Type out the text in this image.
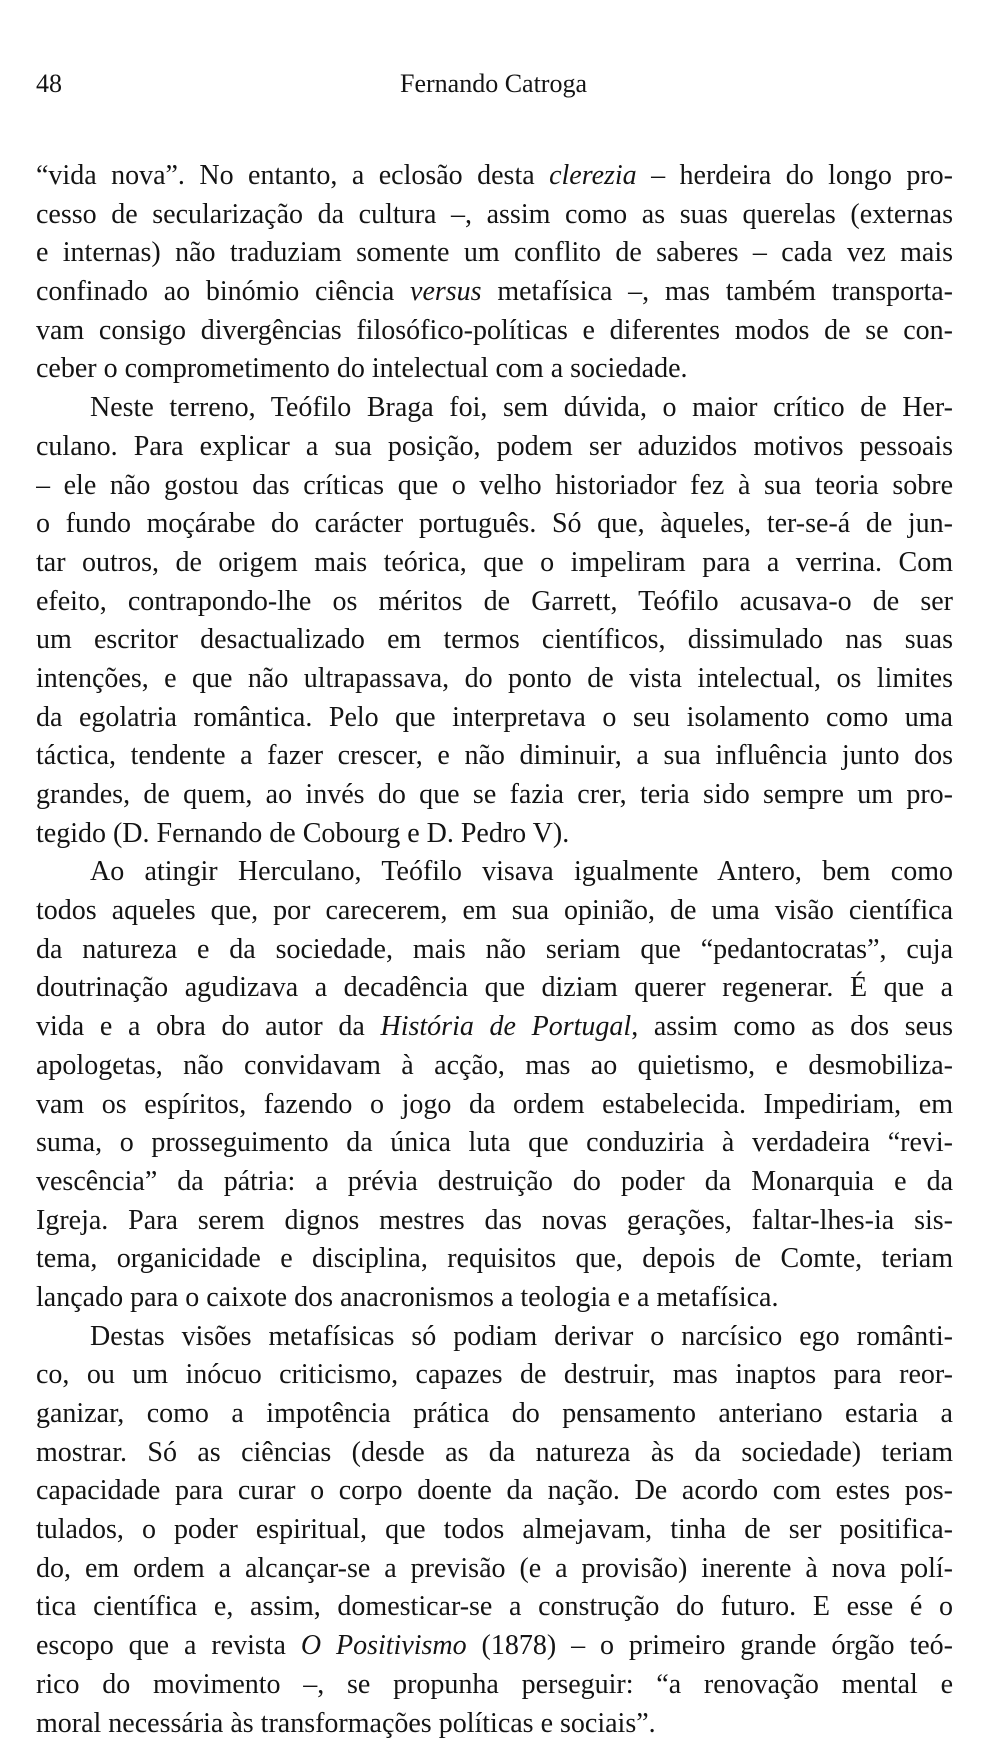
48	Fernando Catroga
“vida nova”. No entanto, a eclosão desta clerezia – herdeira do longo pro-
cesso de secularização da cultura –, assim como as suas querelas (externas
e internas) não traduziam somente um conflito de saberes – cada vez mais
confinado ao binómio ciência versus metafísica –, mas também transporta-
vam consigo divergências filosófico-políticas e diferentes modos de se con-
ceber o comprometimento do intelectual com a sociedade.
Neste terreno, Teófilo Braga foi, sem dúvida, o maior crítico de Her-
culano. Para explicar a sua posição, podem ser aduzidos motivos pessoais
– ele não gostou das críticas que o velho historiador fez à sua teoria sobre
o fundo moçárabe do carácter português. Só que, àqueles, ter-se-á de jun-
tar outros, de origem mais teórica, que o impeliram para a verrina. Com
efeito, contrapondo-lhe os méritos de Garrett, Teófilo acusava-o de ser
um escritor desactualizado em termos científicos, dissimulado nas suas
intenções, e que não ultrapassava, do ponto de vista intelectual, os limites
da egolatria romântica. Pelo que interpretava o seu isolamento como uma
táctica, tendente a fazer crescer, e não diminuir, a sua influência junto dos
grandes, de quem, ao invés do que se fazia crer, teria sido sempre um pro-
tegido (D. Fernando de Cobourg e D. Pedro V).
Ao atingir Herculano, Teófilo visava igualmente Antero, bem como
todos aqueles que, por carecerem, em sua opinião, de uma visão científica
da natureza e da sociedade, mais não seriam que “pedantocratas”, cuja
doutrinação agudizava a decadência que diziam querer regenerar. É que a
vida e a obra do autor da História de Portugal, assim como as dos seus
apologetas, não convidavam à acção, mas ao quietismo, e desmobiliza-
vam os espíritos, fazendo o jogo da ordem estabelecida. Impediriam, em
suma, o prosseguimento da única luta que conduziria à verdadeira “revi-
vescência” da pátria: a prévia destruição do poder da Monarquia e da
Igreja. Para serem dignos mestres das novas gerações, faltar-lhes-ia sis-
tema, organicidade e disciplina, requisitos que, depois de Comte, teriam
lançado para o caixote dos anacronismos a teologia e a metafísica.
Destas visões metafísicas só podiam derivar o narcísico ego românti-
co, ou um inócuo criticismo, capazes de destruir, mas inaptos para reor-
ganizar, como a impotência prática do pensamento anteriano estaria a
mostrar. Só as ciências (desde as da natureza às da sociedade) teriam
capacidade para curar o corpo doente da nação. De acordo com estes pos-
tulados, o poder espiritual, que todos almejavam, tinha de ser positifica-
do, em ordem a alcançar-se a previsão (e a provisão) inerente à nova polí-
tica científica e, assim, domesticar-se a construção do futuro. E esse é o
escopo que a revista O Positivismo (1878) – o primeiro grande órgão teó-
rico do movimento –, se propunha perseguir: “a renovação mental e
moral necessária às transformações políticas e sociais”.
